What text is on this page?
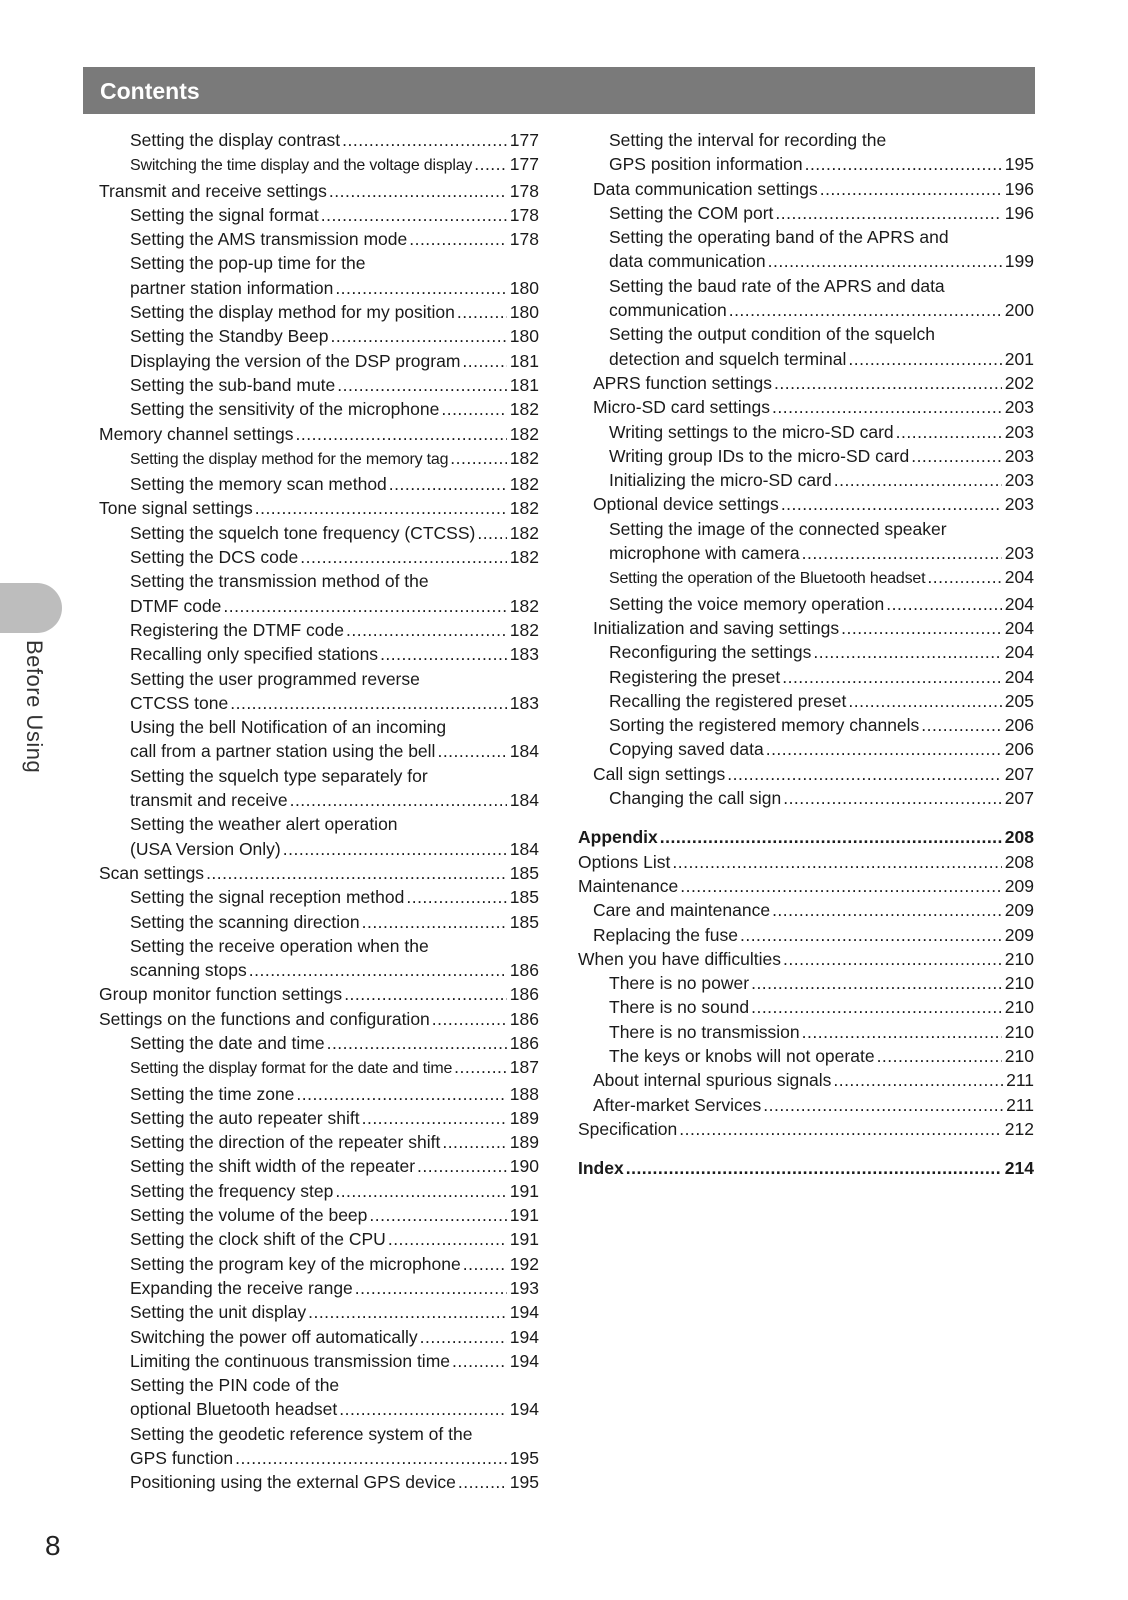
Contents
Before Using
Setting the display contrast .....	177
Switching the time display and the voltage display ..... 177
Transmit and receive settings .....	178
Setting the signal format .....	178
Setting the AMS transmission mode .....	178
Setting the pop-up time for the
partner station information .....	180
Setting the display method for my position .....	180
Setting the Standby Beep .....	180
Displaying the version of the DSP program .....	181
Setting the sub-band mute .....	181
Setting the sensitivity of the microphone .....	182
Memory channel settings .....	182
Setting the display method for the memory tag .....	182
Setting the memory scan method .....	182
Tone signal settings .....	182
Setting the squelch tone frequency (CTCSS) ..... 182
Setting the DCS code .....	182
Setting the transmission method of the
DTMF code .....	182
Registering the DTMF code .....	182
Recalling only specified stations .....	183
Setting the user programmed reverse
CTCSS tone .....	183
Using the bell Notification of an incoming
call from a partner station using the bell .....	184
Setting the squelch type separately for
transmit and receive .....	184
Setting the weather alert operation
(USA Version Only) .....	184
Scan settings .....	185
Setting the signal reception method .....	185
Setting the scanning direction .....	185
Setting the receive operation when the
scanning stops .....	186
Group monitor function settings .....	186
Settings on the functions and configuration .....	186
Setting the date and time .....	186
Setting the display format for the date and time .....	187
Setting the time zone .....	188
Setting the auto repeater shift .....	189
Setting the direction of the repeater shift .....	189
Setting the shift width of the repeater .....	190
Setting the frequency step .....	191
Setting the volume of the beep .....	191
Setting the clock shift of the CPU .....	191
Setting the program key of the microphone .....	192
Expanding the receive range .....	193
Setting the unit display .....	194
Switching the power off automatically .....	194
Limiting the continuous transmission time .....	194
Setting the PIN code of the
optional Bluetooth headset .....	194
Setting the geodetic reference system of the
GPS function .....	195
Positioning using the external GPS device .....	195
Setting the interval for recording the
GPS position information .....	195
Data communication settings .....	196
Setting the COM port .....	196
Setting the operating band of the APRS and
data communication .....	199
Setting the baud rate of the APRS and data
communication .....	200
Setting the output condition of the squelch
detection and squelch terminal .....	201
APRS function settings .....	202
Micro-SD card settings .....	203
Writing settings to the micro-SD card .....	203
Writing group IDs to the micro-SD card .....	203
Initializing the micro-SD card .....	203
Optional device settings .....	203
Setting the image of the connected speaker
microphone with camera .....	203
Setting the operation of the Bluetooth headset .....	204
Setting the voice memory operation .....	204
Initialization and saving settings .....	204
Reconfiguring the settings .....	204
Registering the preset .....	204
Recalling the registered preset .....	205
Sorting the registered memory channels .....	206
Copying saved data .....	206
Call sign settings .....	207
Changing the call sign .....	207
Appendix .....	208
Options List .....	208
Maintenance .....	209
Care and maintenance .....	209
Replacing the fuse .....	209
When you have difficulties .....	210
There is no power .....	210
There is no sound .....	210
There is no transmission .....	210
The keys or knobs will not operate .....	210
About internal spurious signals .....	211
After-market Services .....	211
Specification .....	212
Index .....	214
8
